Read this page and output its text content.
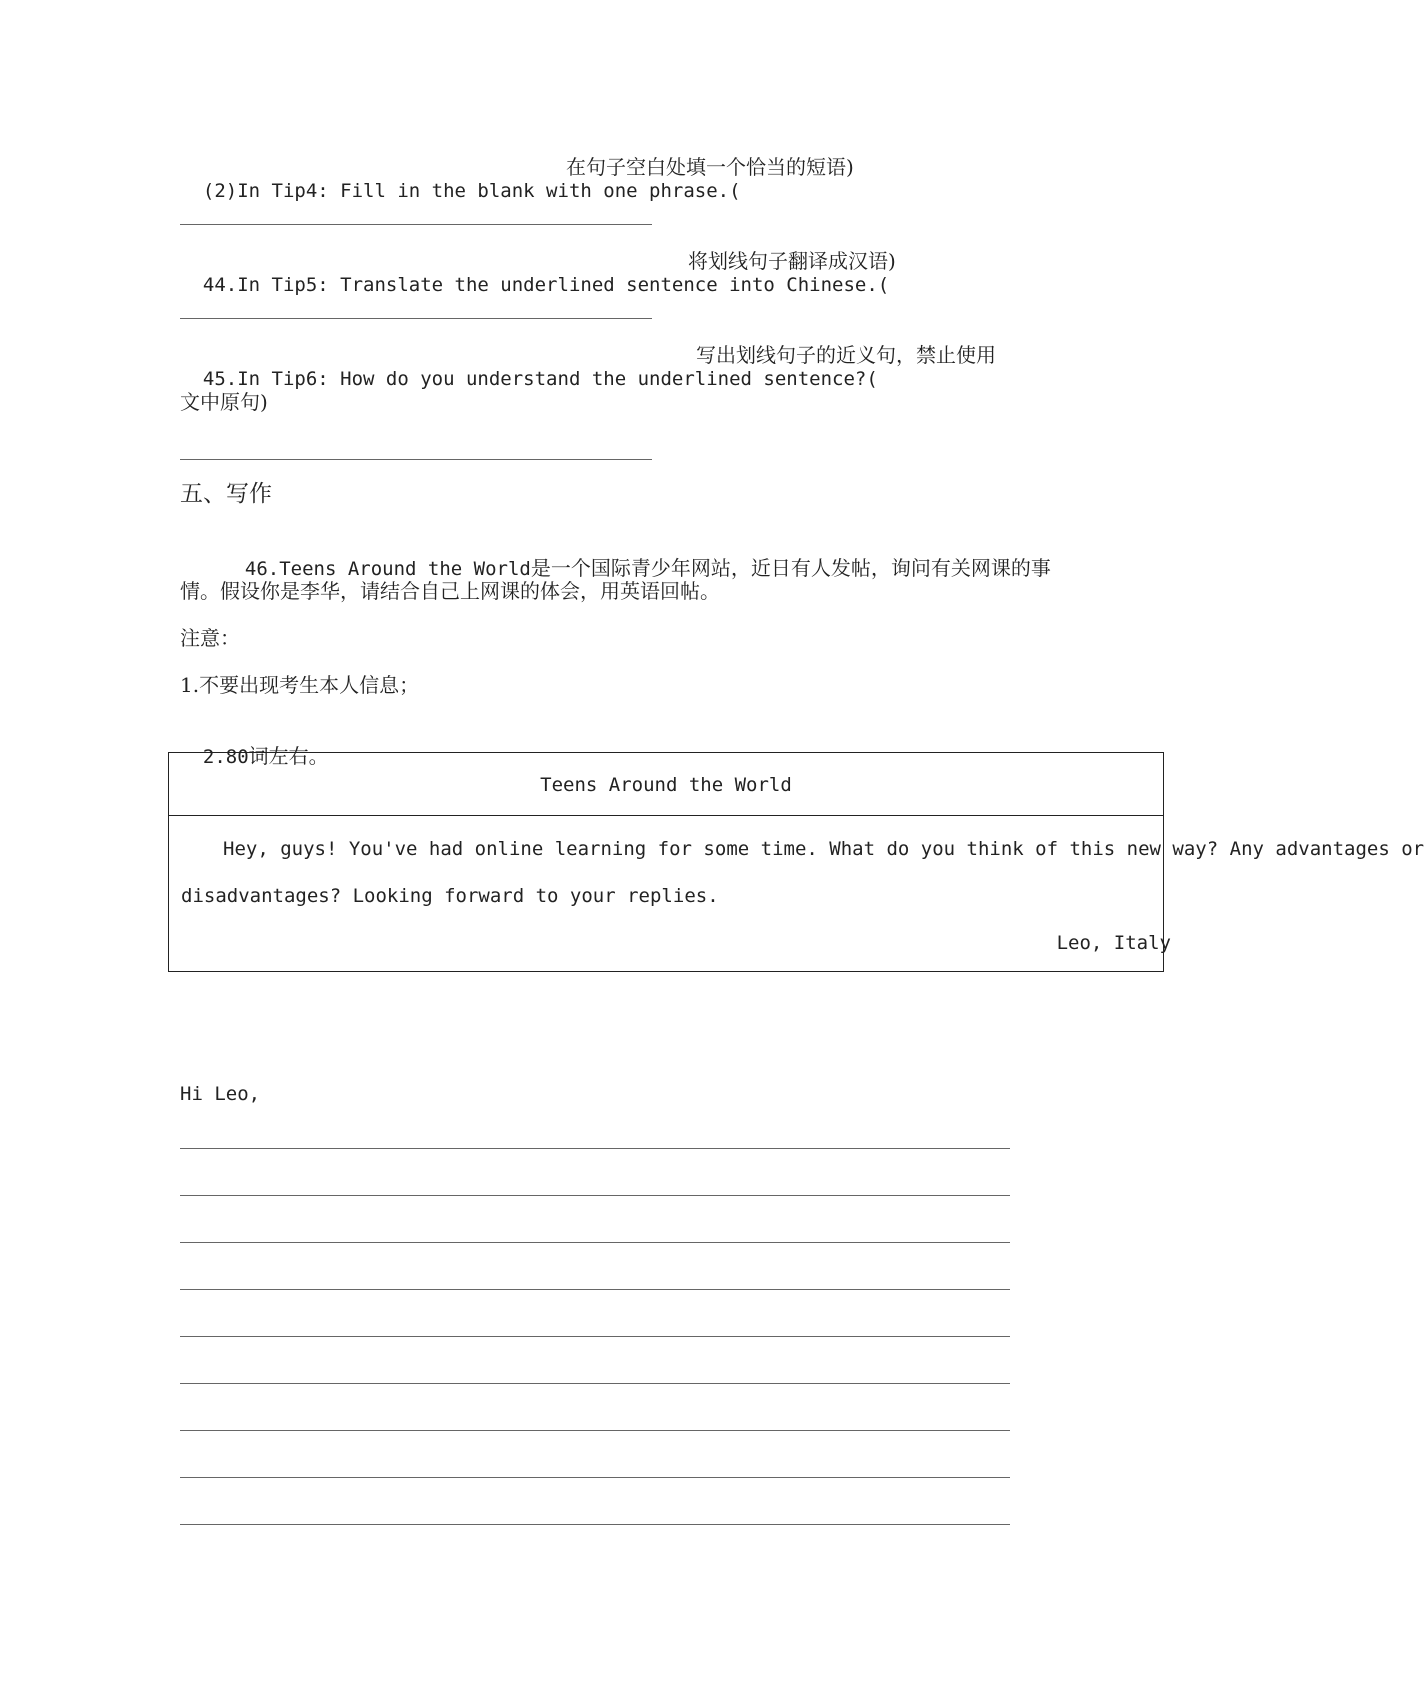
(2)In Tip4: Fill in the blank with one phrase.(

在句子空白处填一个恰当的短语)

44.In Tip5: Translate the underlined sentence into Chinese.(

将划线句子翻译成汉语)

45.In Tip6: How do you understand the underlined sentence?(

写出划线句子的近义句，禁止使用
文中原句)
五、写作

46.Teens Around the World是一个国际青少年网站，近日有人发帖，询问有关网课的事

情。假设你是李华，请结合自己上网课的体会，用英语回帖。
注意：
1.不要出现考生本人信息；

2.80词左右。

Teens Around the World
Hey, guys! You've had online learning for some time. What do you think of this new way? Any advantages or
disadvantages? Looking forward to your replies.
Leo, Italy
Hi Leo,
